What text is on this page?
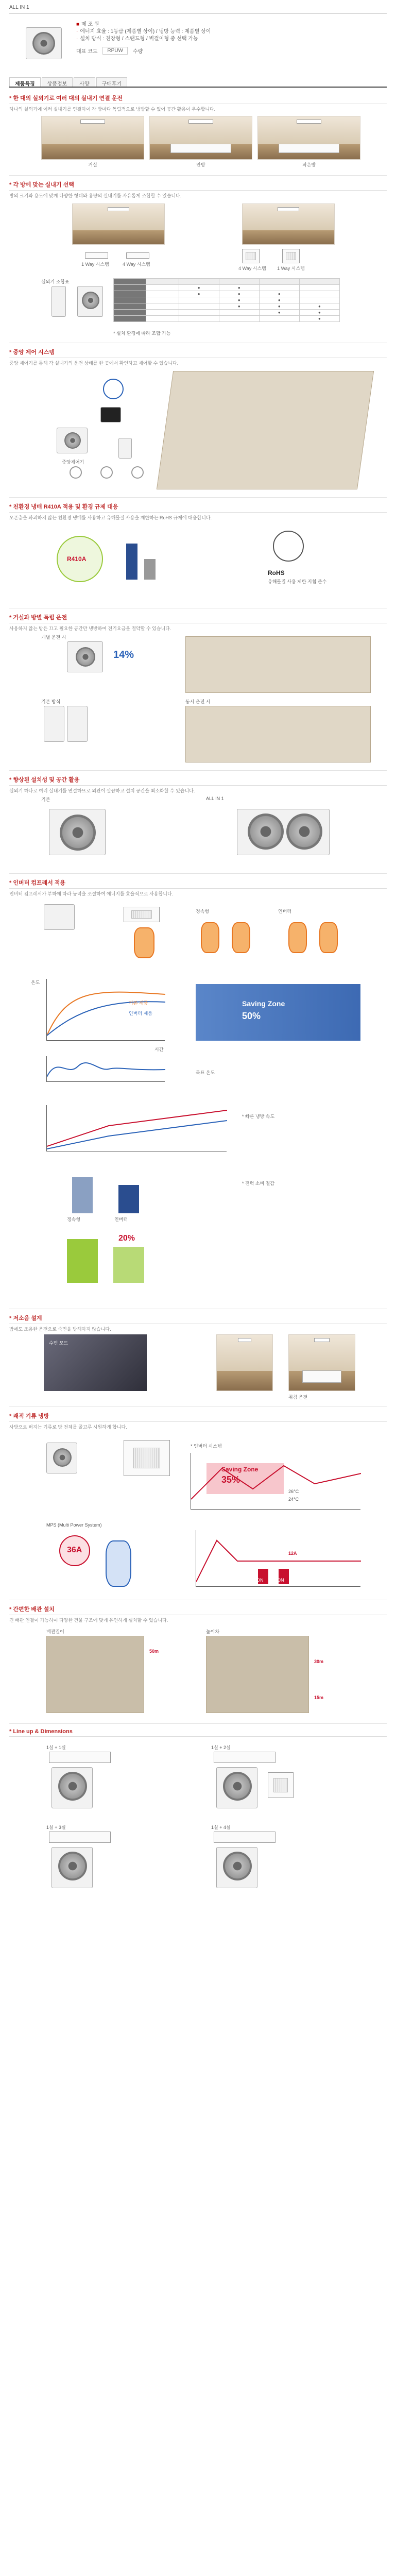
ALL IN 1
■ 제 조 원
· 에너지 효율 : 1등급 (제품별 상이) / 냉방 능력 : 제품별 상이
· 설치 방식 : 천장형 / 스탠드형 / 벽걸이형 중 선택 가능
대표 코드	RPUW	수량
제품특징	상품정보	사양	구매후기
* 한 대의 실외기로 여러 대의 실내기 연결 운전
하나의 실외기에 여러 실내기를 연결하여 각 방마다 독립적으로 냉방할 수 있어 공간 활용이 우수합니다.
거실	안방	작은방
* 각 방에 맞는 실내기 선택
방의 크기와 용도에 맞게 다양한 형태와 용량의 실내기를 자유롭게 조합할 수 있습니다.
1 Way 시스템	4 Way 시스템
4 Way 시스템	1 Way 시스템
실외기 조합표

		●	●		
		●	●	●	
			●	●	
			●	●	●
				●	●
					●
* 설치 환경에 따라 조합 가능
* 중앙 제어 시스템
중앙 제어기를 통해 각 실내기의 운전 상태를 한 곳에서 확인하고 제어할 수 있습니다.
중앙제어기
* 친환경 냉매 R410A 적용 및 환경 규제 대응
오존층을 파괴하지 않는 친환경 냉매를 사용하고 유해물질 사용을 제한하는 RoHS 규제에 대응합니다.
R410A
RoHS
유해물질 사용 제한 지침 준수
* 거실과 방별 독립 운전
사용하지 않는 방은 끄고 필요한 공간만 냉방하여 전기요금을 절약할 수 있습니다.
개별 운전 시
14%
기존 방식	동시 운전 시
* 향상된 설치성 및 공간 활용
실외기 하나로 여러 실내기를 연결하므로 외관이 깔끔하고 설치 공간을 최소화할 수 있습니다.
기존	ALL IN 1
* 인버터 컴프레서 적용
인버터 컴프레서가 부하에 따라 능력을 조절하여 에너지를 효율적으로 사용합니다.
정속형	인버터
기존 제품
인버터 제품
온도
시간
Saving Zone
50%
목표 온도
* 빠른 냉방 속도
정속형	인버터
* 전력 소비 절감
20%
* 저소음 설계
밤에도 조용한 운전으로 숙면을 방해하지 않습니다.
수면 모드
취침 운전
* 쾌적 기류 냉방
사방으로 퍼지는 기류로 방 전체를 골고루 시원하게 합니다.
* 인버터 시스템
Saving Zone
35%
26°C
24°C
MPS (Multi Power System)
36A	12A
ON	ON
* 간편한 배관 설치
긴 배관 연결이 가능하여 다양한 건물 구조에 맞게 유연하게 설치할 수 있습니다.
배관길이
50m
높이차
30m
15m
* Line up & Dimensions
1실 + 1실	1실 + 2실
1실 + 3실	1실 + 4실
